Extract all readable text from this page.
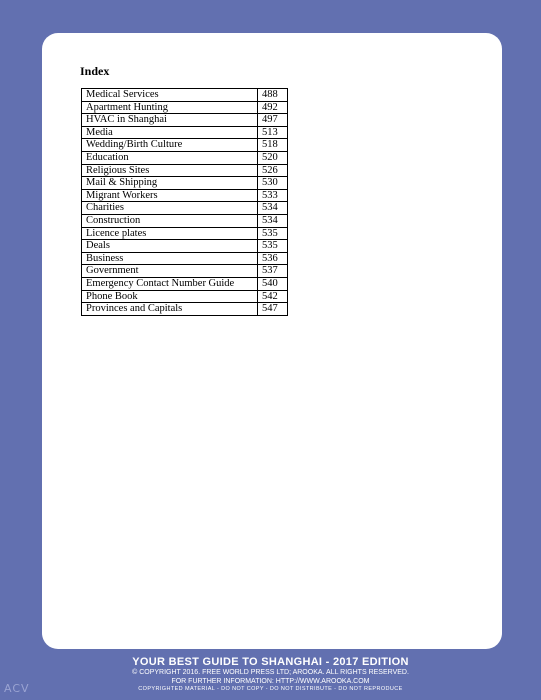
Index
Medical Services	488
Apartment Hunting	492
HVAC in Shanghai	497
Media	513
Wedding/Birth Culture	518
Education	520
Religious Sites	526
Mail & Shipping	530
Migrant Workers	533
Charities	534
Construction	534
Licence plates	535
Deals	535
Business	536
Government	537
Emergency Contact Number Guide	540
Phone Book	542
Provinces and Capitals	547
YOUR BEST GUIDE TO SHANGHAI - 2017 EDITION
© COPYRIGHT 2016. FREE WORLD PRESS LTD; AROOKA. ALL RIGHTS RESERVED.
FOR FURTHER INFORMATION: HTTP://WWW.AROOKA.COM
COPYRIGHTED MATERIAL - DO NOT COPY - DO NOT DISTRIBUTE - DO NOT REPRODUCE
ACV
